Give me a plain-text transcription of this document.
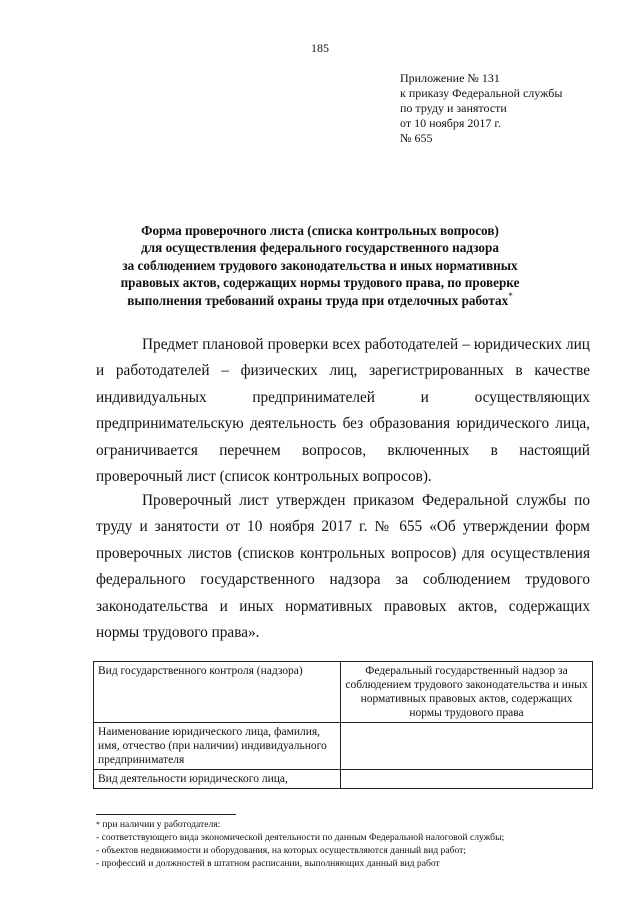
185
Приложение № 131
к приказу Федеральной службы
по труду и занятости
от 10 ноября 2017 г.
№ 655
Форма проверочного листа (списка контрольных вопросов)
для осуществления федерального государственного надзора
за соблюдением трудового законодательства и иных нормативных
правовых актов, содержащих нормы трудового права, по проверке
выполнения требований охраны труда при отделочных работах*

Предмет плановой проверки всех работодателей – юридических лиц и работодателей – физических лиц, зарегистрированных в качестве индивидуальных предпринимателей и осуществляющих предпринимательскую деятельность без образования юридического лица, ограничивается перечнем вопросов, включенных в настоящий проверочный лист (список контрольных вопросов).

Проверочный лист утвержден приказом Федеральной службы по труду и занятости от 10 ноября 2017 г. № 655 «Об утверждении форм проверочных листов (списков контрольных вопросов) для осуществления федерального государственного надзора за соблюдением трудового законодательства и иных нормативных правовых актов, содержащих нормы трудового права».

Вид государственного контроля (надзора)	Федеральный государственный надзор за соблюдением трудового законодательства и иных нормативных правовых актов, содержащих нормы трудового права
Наименование юридического лица, фамилия, имя, отчество (при наличии) индивидуального предпринимателя	
Вид деятельности юридического лица,	
* при наличии у работодателя:
- соответствующего вида экономической деятельности по данным Федеральной налоговой службы;
- объектов недвижимости и оборудования, на которых осуществляются данный вид работ;
- профессий и должностей в штатном расписании, выполняющих данный вид работ
